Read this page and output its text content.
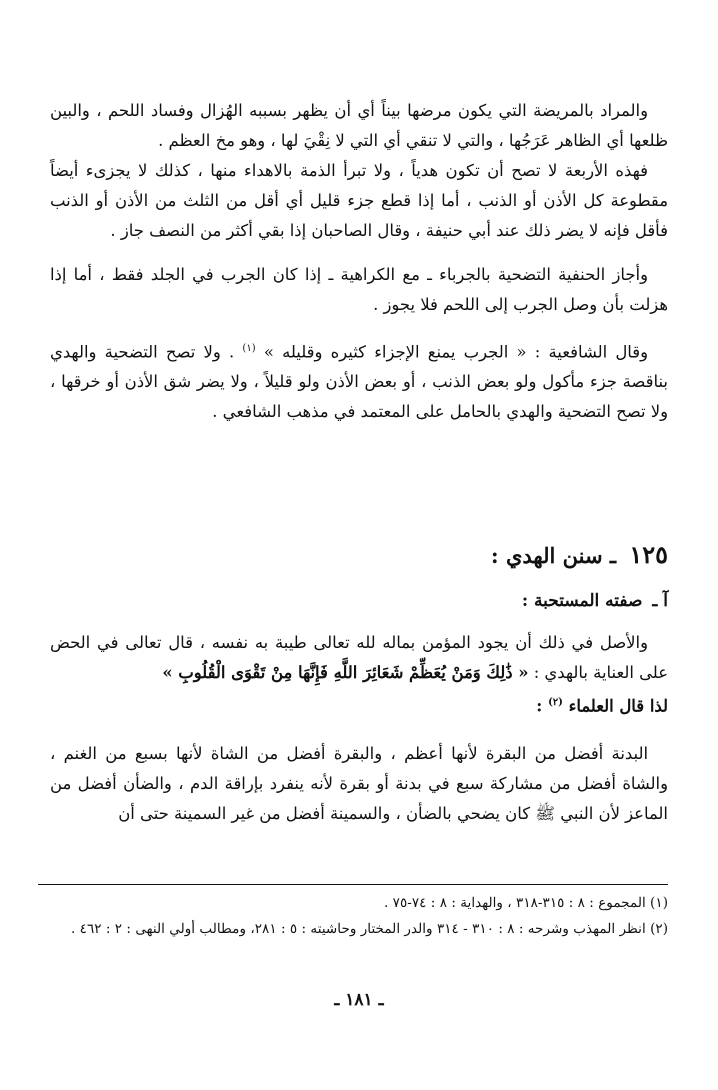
والمراد بالمريضة التي يكون مرضها بيناً أي أن يظهر بسببه الهُزال وفساد اللحم ، والبين ظلعها أي الظاهر عَرَجُها ، والتي لا تنقي أي التي لا نِقْيَ لها ، وهو مخ العظم .

فهذه الأربعة لا تصح أن تكون هدياً ، ولا تبرأ الذمة بالاهداء منها ، كذلك لا يجزىء أيضاً مقطوعة كل الأذن أو الذنب ، أما إذا قطع جزء قليل أي أقل من الثلث من الأذن أو الذنب فأقل فإنه لا يضر ذلك عند أبي حنيفة ، وقال الصاحبان إذا بقي أكثر من النصف جاز .

وأجاز الحنفية التضحية بالجرباء ـ مع الكراهية ـ إذا كان الجرب في الجلد فقط ، أما إذا هزلت بأن وصل الجرب إلى اللحم فلا يجوز .

وقال الشافعية : « الجرب يمنع الإجزاء كثيره وقليله » $^{(١)}$ . ولا تصح التضحية والهدي بناقصة جزء مأكول ولو بعض الذنب ، أو بعض الأذن ولو قليلاً ، ولا يضر شق الأذن أو خرقها ، ولا تصح التضحية والهدي بالحامل على المعتمد في مذهب الشافعي .

١٢٥ ـ سنن الهدي :
آ ـ صفته المستحبة :

والأصل في ذلك أن يجود المؤمن بماله لله تعالى طيبة به نفسه ، قال تعالى في الحض على العناية بالهدي : « ذَٰلِكَ وَمَنْ يُعَظِّمْ شَعَائِرَ اللَّهِ فَإِنَّهَا مِنْ تَقْوَى الْقُلُوبِ »

لذا قال العلماء $^{(٢)}$ :

البدنة أفضل من البقرة لأنها أعظم ، والبقرة أفضل من الشاة لأنها بسبع من الغنم ، والشاة أفضل من مشاركة سبع في بدنة أو بقرة لأنه ينفرد بإراقة الدم ، والضأن أفضل من الماعز لأن النبي ﷺ كان يضحي بالضأن ، والسمينة أفضل من غير السمينة حتى أن

(١) المجموع : ٨ : ٣١٥-٣١٨ ، والهداية : ٨ : ٧٤-٧٥ .

(٢) انظر المهذب وشرحه : ٨ : ٣١٠ - ٣١٤ والدر المختار وحاشيته : ٥ : ٢٨١، ومطالب أولي النهى : ٢ : ٤٦٢ .

ـ ١٨١ ـ
